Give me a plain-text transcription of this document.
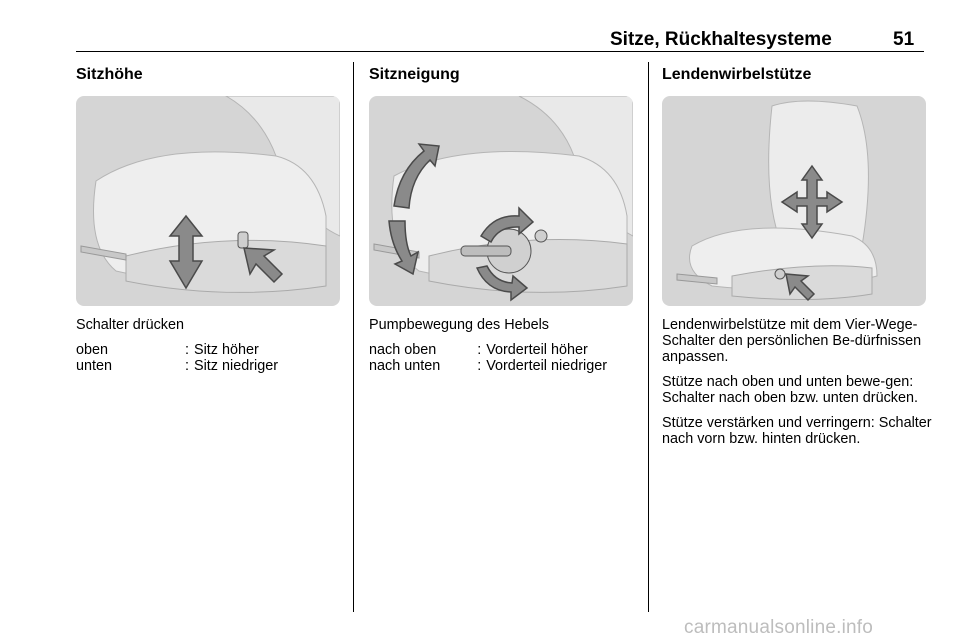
Sitze, Rückhaltesysteme	51
Sitzhöhe

Schalter drücken

oben	: Sitz höher
unten	: Sitz niedriger
Sitzneigung

Pumpbewegung des Hebels

nach oben	: Vorderteil höher
nach unten	: Vorderteil niedriger
Lendenwirbelstütze

Lendenwirbelstütze mit dem Vier-Wege-Schalter den persönlichen Be-dürfnissen anpassen.

Stütze nach oben und unten bewe-gen: Schalter nach oben bzw. unten drücken.

Stütze verstärken und verringern: Schalter nach vorn bzw. hinten drücken.

carmanualsonline.info
